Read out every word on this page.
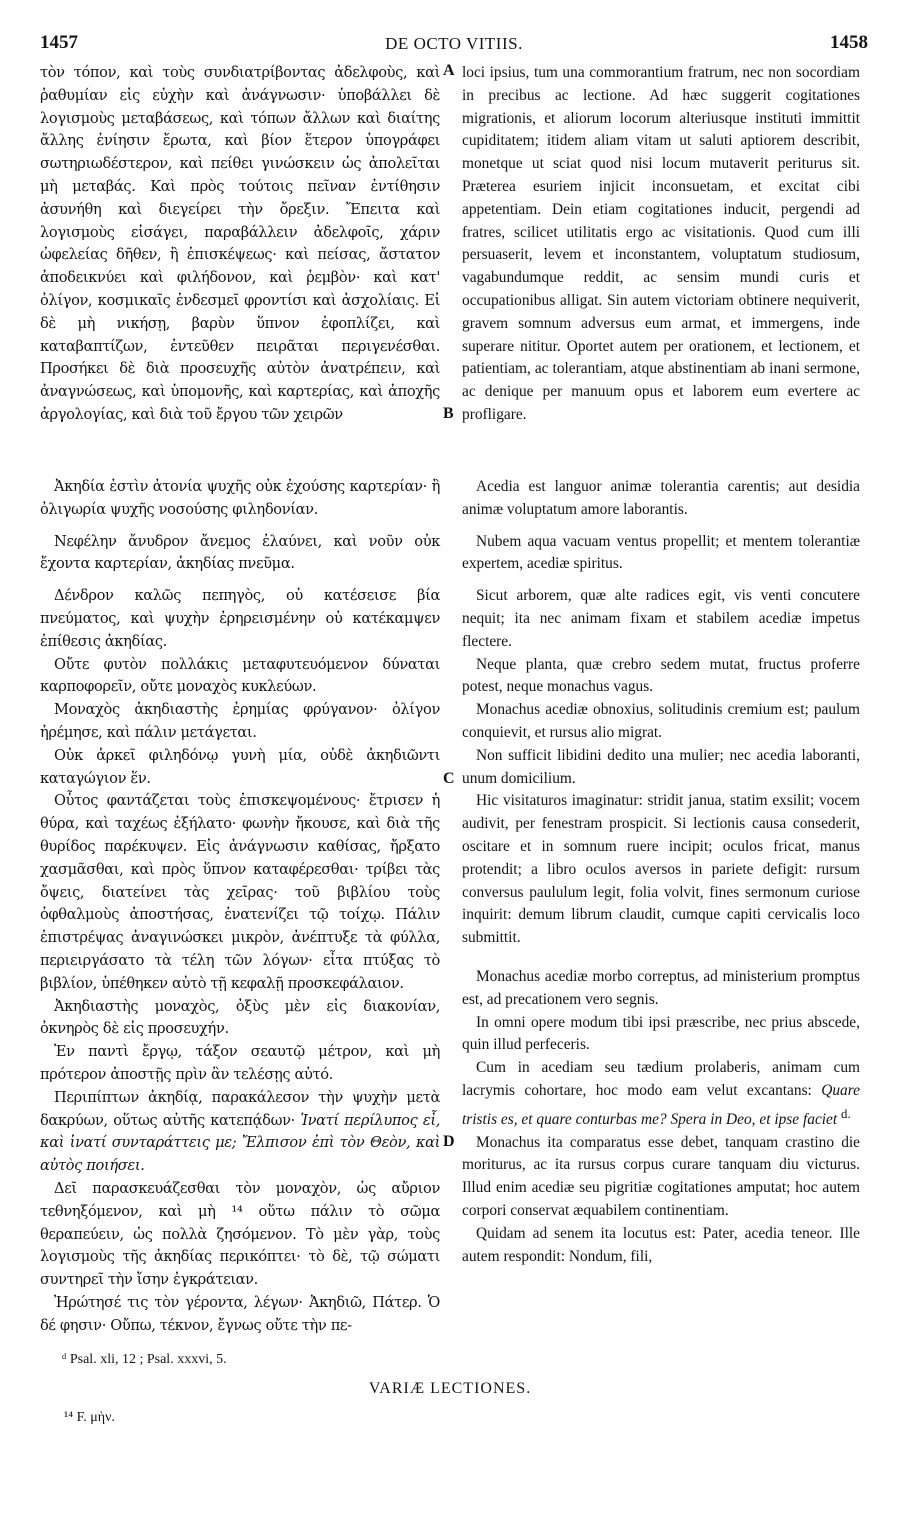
1457	DE OCTO VITIIS.	1458

τὸν τόπον, καὶ τοὺς συνδιατρίβοντας ἀδελφοὺς, καὶ ῥαθυμίαν εἰς εὐχὴν καὶ ἀνάγνωσιν· ὑποβάλλει δὲ λογισμοὺς μεταβάσεως, καὶ τόπων ἄλλων καὶ διαίτης ἄλλης ἐνίησιν ἔρωτα, καὶ βίον ἕτερον ὑπογράφει σωτηριωδέστερον, καὶ πείθει γινώσκειν ὡς ἀπολεῖται μὴ μεταβάς. Καὶ πρὸς τούτοις πεῖναν ἐντίθησιν ἀσυνήθη καὶ διεγείρει τὴν ὄρεξιν. Ἔπειτα καὶ λογισμοὺς εἰσάγει, παραβάλλειν ἀδελφοῖς, χάριν ὠφελείας δῆθεν, ἢ ἐπισκέψεως· καὶ πείσας, ἄστατον ἀποδεικνύει καὶ φιλήδονον, καὶ ῥεμβὸν· καὶ κατ' ὀλίγον, κοσμικαῖς ἐνδεσμεῖ φροντίσι καὶ ἀσχολίαις. Εἰ δὲ μὴ νικήσῃ, βαρὺν ὕπνον ἐφοπλίζει, καὶ καταβαπτίζων, ἐντεῦθεν πειρᾶται περιγενέσθαι. Προσήκει δὲ διὰ προσευχῆς αὐτὸν ἀνατρέπειν, καὶ ἀναγνώσεως, καὶ ὑπομονῆς, καὶ καρτερίας, καὶ ἀποχῆς ἀργολογίας, καὶ διὰ τοῦ ἔργου τῶν χειρῶν

A
B

loci ipsius, tum una commorantium fratrum, nec non socordiam in precibus ac lectione. Ad hæc suggerit cogitationes migrationis, et aliorum locorum alteriusque instituti immittit cupiditatem; itidem aliam vitam ut saluti aptiorem describit, monetque ut sciat quod nisi locum mutaverit periturus sit. Præterea esuriem injicit inconsuetam, et excitat cibi appetentiam. Dein etiam cogitationes inducit, pergendi ad fratres, scilicet utilitatis ergo ac visitationis. Quod cum illi persuaserit, levem et inconstantem, voluptatum studiosum, vagabundumque reddit, ac sensim mundi curis et occupationibus alligat. Sin autem victoriam obtinere nequiverit, gravem somnum adversus eum armat, et immergens, inde superare nititur. Oportet autem per orationem, et lectionem, et patientiam, ac tolerantiam, atque abstinentiam ab inani sermone, ac denique per manuum opus et laborem eum evertere ac profligare.

Ἀκηδία ἐστὶν ἀτονία ψυχῆς οὐκ ἐχούσης καρτερίαν· ἢ ὀλιγωρία ψυχῆς νοσούσης φιληδονίαν.

Νεφέλην ἄνυδρον ἄνεμος ἐλαύνει, καὶ νοῦν οὐκ ἔχοντα καρτερίαν, ἀκηδίας πνεῦμα.

Δένδρον καλῶς πεπηγὸς, οὐ κατέσεισε βία πνεύματος, καὶ ψυχὴν ἐρηρεισμένην οὐ κατέκαμψεν ἐπίθεσις ἀκηδίας.

Οὔτε φυτὸν πολλάκις μεταφυτευόμενον δύναται καρποφορεῖν, οὔτε μοναχὸς κυκλεύων.

Μοναχὸς ἀκηδιαστὴς ἐρημίας φρύγανον· ὀλίγον ἠρέμησε, καὶ πάλιν μετάγεται.

Οὐκ ἀρκεῖ φιληδόνῳ γυνὴ μία, οὐδὲ ἀκηδιῶντι καταγώγιον ἕν.

Οὗτος φαντάζεται τοὺς ἐπισκεψομένους· ἔτρισεν ἡ θύρα, καὶ ταχέως ἐξήλατο· φωνὴν ἤκουσε, καὶ διὰ τῆς θυρίδος παρέκυψεν. Εἰς ἀνάγνωσιν καθίσας, ἤρξατο χασμᾶσθαι, καὶ πρὸς ὕπνον καταφέρεσθαι· τρίβει τὰς ὄψεις, διατείνει τὰς χεῖρας· τοῦ βιβλίου τοὺς ὀφθαλμοὺς ἀποστήσας, ἐνατενίζει τῷ τοίχῳ. Πάλιν ἐπιστρέψας ἀναγινώσκει μικρὸν, ἀνέπτυξε τὰ φύλλα, περιειργάσατο τὰ τέλη τῶν λόγων· εἶτα πτύξας τὸ βιβλίον, ὑπέθηκεν αὐτὸ τῇ κεφαλῇ προσκεφάλαιον.

Ἀκηδιαστὴς μοναχὸς, ὀξὺς μὲν εἰς διακονίαν, ὀκνηρὸς δὲ εἰς προσευχήν.

Ἐν παντὶ ἔργῳ, τάξον σεαυτῷ μέτρον, καὶ μὴ πρότερον ἀποστῇς πρὶν ἂν τελέσῃς αὐτό.

Περιπίπτων ἀκηδίᾳ, παρακάλεσον τὴν ψυχὴν μετὰ δακρύων, οὕτως αὐτῆς κατεπᾴδων· Ἱνατί περίλυπος εἶ, καὶ ἱνατί συνταράττεις με; Ἔλπισον ἐπὶ τὸν Θεὸν, καὶ αὐτὸς ποιήσει.

Δεῖ παρασκευάζεσθαι τὸν μοναχὸν, ὡς αὔριον τεθνηξόμενον, καὶ μὴ ¹⁴ οὕτω πάλιν τὸ σῶμα θεραπεύειν, ὡς πολλὰ ζησόμενον. Τὸ μὲν γὰρ, τοὺς λογισμοὺς τῆς ἀκηδίας περικόπτει· τὸ δὲ, τῷ σώματι συντηρεῖ τὴν ἴσην ἐγκράτειαν.

Ἠρώτησέ τις τὸν γέροντα, λέγων· Ἀκηδιῶ, Πάτερ. Ὁ δέ φησιν· Οὔπω, τέκνον, ἔγνως οὔτε τὴν πε-

C
D

Acedia est languor animæ tolerantia carentis; aut desidia animæ voluptatum amore laborantis.

Nubem aqua vacuam ventus propellit; et mentem tolerantiæ expertem, acediæ spiritus.

Sicut arborem, quæ alte radices egit, vis venti concutere nequit; ita nec animam fixam et stabilem acediæ impetus flectere.

Neque planta, quæ crebro sedem mutat, fructus proferre potest, neque monachus vagus.

Monachus acediæ obnoxius, solitudinis cremium est; paulum conquievit, et rursus alio migrat.

Non sufficit libidini dedito una mulier; nec acedia laboranti, unum domicilium.

Hic visitaturos imaginatur: stridit janua, statim exsilit; vocem audivit, per fenestram prospicit. Si lectionis causa consederit, oscitare et in somnum ruere incipit; oculos fricat, manus protendit; a libro oculos aversos in pariete defigit: rursum conversus paululum legit, folia volvit, fines sermonum curiose inquirit: demum librum claudit, cumque capiti cervicalis loco submittit.

Monachus acediæ morbo correptus, ad ministerium promptus est, ad precationem vero segnis.

In omni opere modum tibi ipsi præscribe, nec prius abscede, quin illud perfeceris.

Cum in acediam seu tædium prolaberis, animam cum lacrymis cohortare, hoc modo eam velut excantans: Quare tristis es, et quare conturbas me? Spera in Deo, et ipse faciet $^{d.}$

Monachus ita comparatus esse debet, tanquam crastino die moriturus, ac ita rursus corpus curare tanquam diu victurus. Illud enim acediæ seu pigritiæ cogitationes amputat; hoc autem corpori conservat æquabilem continentiam.

Quidam ad senem ita locutus est: Pater, acedia teneor. Ille autem respondit: Nondum, fili,

ᵈ Psal. xli, 12 ; Psal. xxxvi, 5.
VARIÆ LECTIONES.
¹⁴ F. μὴν.
